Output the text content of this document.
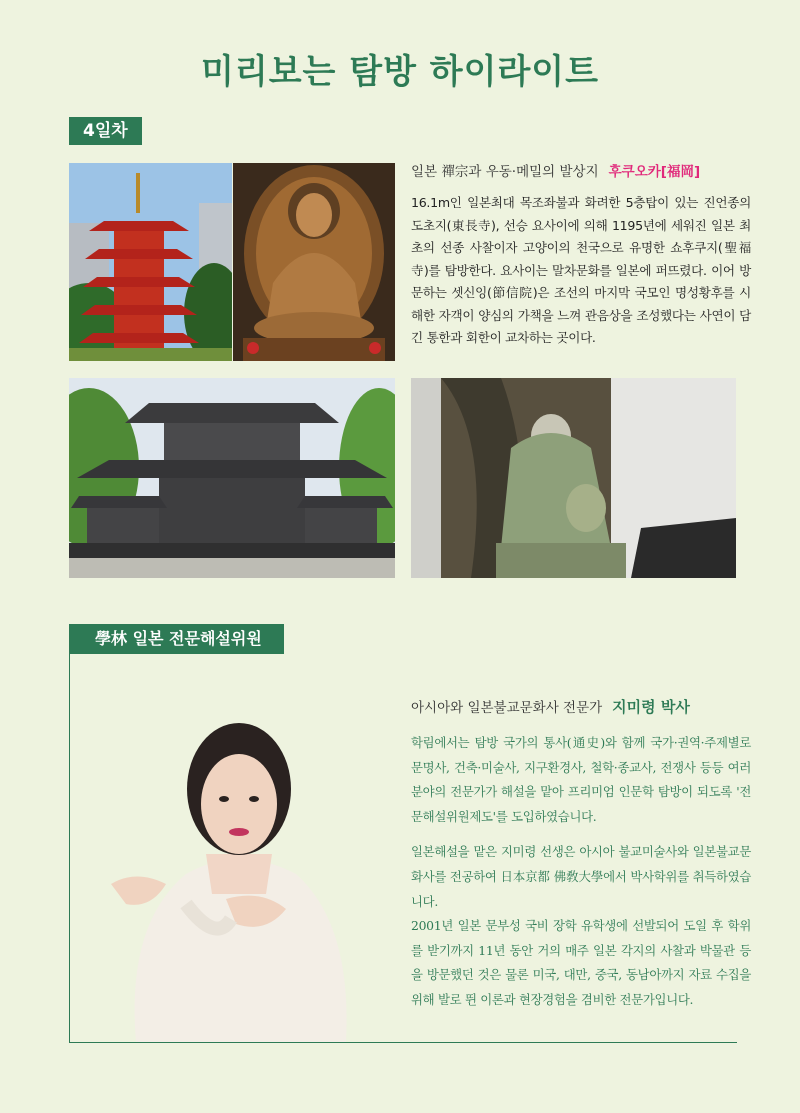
미리보는 탐방 하이라이트
4일차
일본 禪宗과 우동·메밀의 발상지 후쿠오카[福岡]
16.1m인 일본최대 목조좌불과 화려한 5층탑이 있는 진언종의 도초지(東長寺), 선승 요사이에 의해 1195년에 세워진 일본 최초의 선종 사찰이자 고양이의 천국으로 유명한 쇼후쿠지(聖福寺)를 탐방한다. 요사이는 말차문화를 일본에 퍼뜨렸다. 이어 방문하는 셋신잉(節信院)은 조선의 마지막 국모인 명성황후를 시해한 자객이 양심의 가책을 느껴 관음상을 조성했다는 사연이 담긴 통한과 회한이 교차하는 곳이다.
學林 일본 전문해설위원
아시아와 일본불교문화사 전문가 지미령 박사

학림에서는 탐방 국가의 통사(通史)와 함께 국가·권역·주제별로 문명사, 건축·미술사, 지구환경사, 철학·종교사, 전쟁사 등등 여러 분야의 전문가가 해설을 맡아 프리미엄 인문학 탐방이 되도록 '전문해설위원제도'를 도입하였습니다.

일본해설을 맡은 지미령 선생은 아시아 불교미술사와 일본불교문화사를 전공하여 日本京都 佛敎大學에서 박사학위를 취득하였습니다.

2001년 일본 문부성 국비 장학 유학생에 선발되어 도일 후 학위를 받기까지 11년 동안 거의 매주 일본 각지의 사찰과 박물관 등을 방문했던 것은 물론 미국, 대만, 중국, 동남아까지 자료 수집을 위해 발로 뛴 이론과 현장경험을 겸비한 전문가입니다.
